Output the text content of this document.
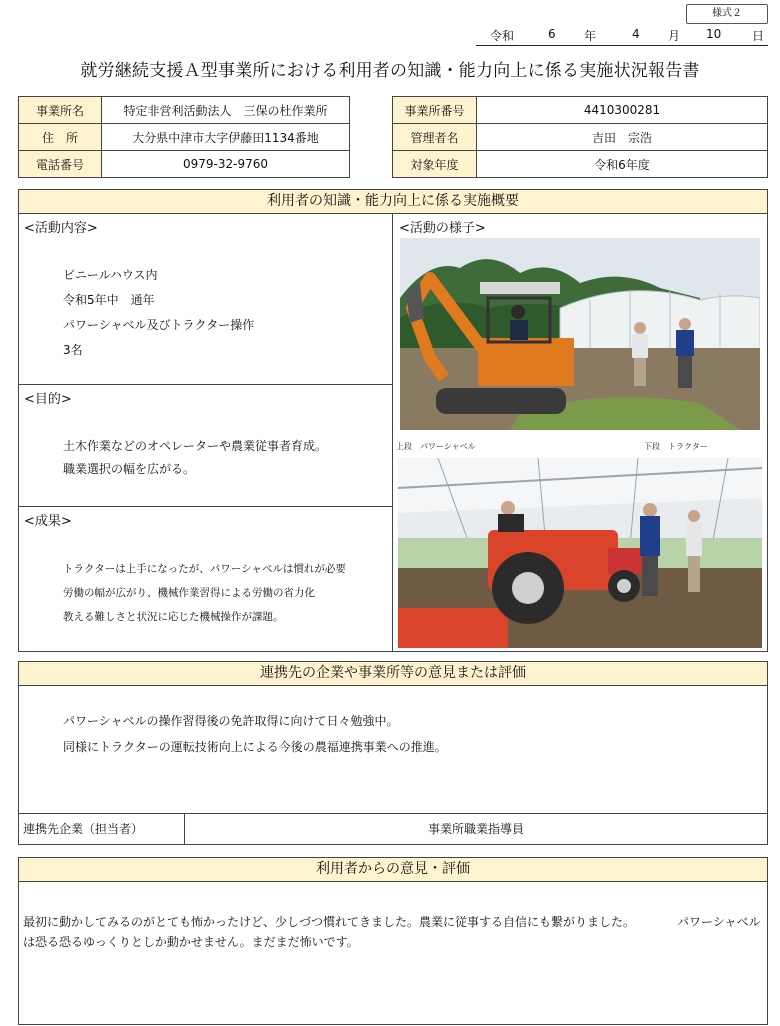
様式２
令和	6 年	4 月 10	日
就労継続支援Ａ型事業所における利用者の知識・能力向上に係る実施状況報告書
事業所名	特定非営利活動法人　三保の杜作業所
住　所	大分県中津市大字伊藤田1134番地
電話番号	0979-32-9760
事業所番号	4410300281
管理者名	吉田　宗浩
対象年度	令和6年度
利用者の知識・能力向上に係る実施概要
<活動内容>
ビニールハウス内
令和5年中　通年
パワーシャベル及びトラクター操作
3名
<目的>
土木作業などのオペレーターや農業従事者育成。
職業選択の幅を広がる。
<成果>
トラクターは上手になったが、パワーシャベルは慣れが必要
労働の幅が広がり、機械作業習得による労働の省力化
教える難しさと状況に応じた機械操作が課題。
<活動の様子>
上段　パワーシャベル	下段　トラクター
連携先の企業や事業所等の意見または評価
パワーシャベルの操作習得後の免許取得に向けて日々勉強中。
同様にトラクターの運転技術向上による今後の農福連携事業への推進。
連携先企業（担当者）	事業所職業指導員
利用者からの意見・評価
最初に動かしてみるのがとても怖かったけど、少しづつ慣れてきました。農業に従事する自信にも繋がりました。　　　　パワーシャベルは恐る恐るゆっくりとしか動かせません。まだまだ怖いです。
